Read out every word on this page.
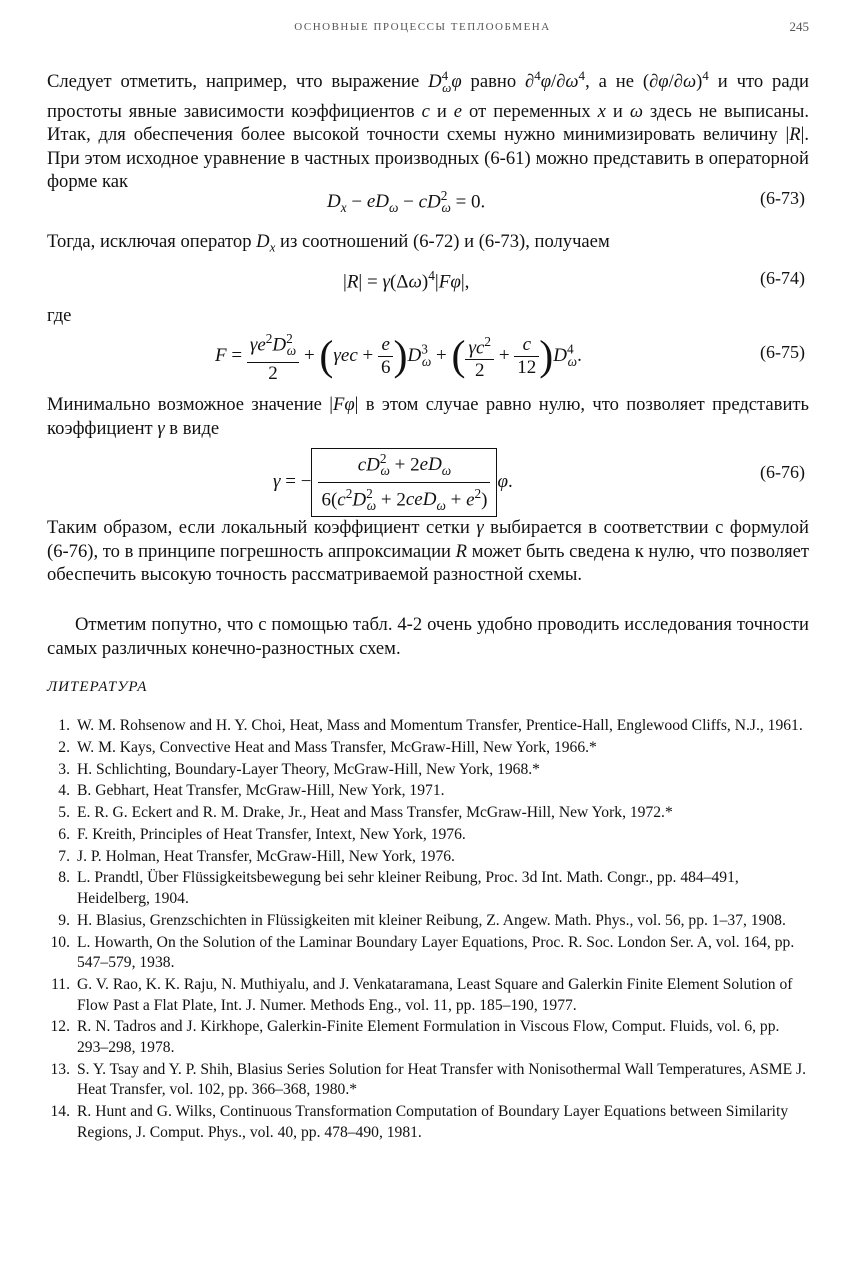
ОСНОВНЫЕ ПРОЦЕССЫ ТЕПЛООБМЕНА	245
Следует отметить, например, что выражение $D^4_\omega\varphi$ равно $\partial^4\varphi/\partial\omega^4$, а не $(\partial\varphi/\partial\omega)^4$ и что ради простоты явные зависимости коэффициентов c и e от переменных x и ω здесь не выписаны. Итак, для обеспечения более высокой точности схемы нужно минимизировать величину |R|. При этом исходное уравнение в частных производных (6-61) можно представить в операторной форме как
$D_x - eD_\omega - cD^2_\omega = 0$.	(6-73)
Тогда, исключая оператор $D_x$ из соотношений (6-72) и (6-73), получаем
$|R| = \gamma(\Delta\omega)^4|F\varphi|$,	(6-74)
где
$F = \frac{\gamma e^2D^2_\omega}{2} + (\gamma ec + \frac{e}{6} )D^3_\omega$ + ( $\frac{\gamma c^2}{2} + \frac{c}{12} )D^4_\omega$.	(6-75)
Минимально возможное значение |Fφ| в этом случае равно нулю, что позволяет представить коэффициент γ в виде
γ = − $\frac{cD^2_\omega + 2eD_\omega}{6(c^2D^2_\omega + 2ceD_\omega + e^2)} \varphi$.	(6-76)
Таким образом, если локальный коэффициент сетки γ выбирается в соответствии с формулой (6-76), то в принципе погрешность аппроксимации R может быть сведена к нулю, что позволяет обеспечить высокую точность рассматриваемой разностной схемы.
Отметим попутно, что с помощью табл. 4-2 очень удобно проводить исследования точности самых различных конечно-разностных схем.
ЛИТЕРАТУРА
1. W. M. Rohsenow and H. Y. Choi, Heat, Mass and Momentum Transfer, Prentice-Hall, Englewood Cliffs, N.J., 1961.
2. W. M. Kays, Convective Heat and Mass Transfer, McGraw-Hill, New York, 1966.*
3. H. Schlichting, Boundary-Layer Theory, McGraw-Hill, New York, 1968.*
4. B. Gebhart, Heat Transfer, McGraw-Hill, New York, 1971.
5. E. R. G. Eckert and R. M. Drake, Jr., Heat and Mass Transfer, McGraw-Hill, New York, 1972.*
6. F. Kreith, Principles of Heat Transfer, Intext, New York, 1976.
7. J. P. Holman, Heat Transfer, McGraw-Hill, New York, 1976.
8. L. Prandtl, Über Flüssigkeitsbewegung bei sehr kleiner Reibung, Proc. 3d Int. Math. Congr., pp. 484–491, Heidelberg, 1904.
9. H. Blasius, Grenzschichten in Flüssigkeiten mit kleiner Reibung, Z. Angew. Math. Phys., vol. 56, pp. 1–37, 1908.
10. L. Howarth, On the Solution of the Laminar Boundary Layer Equations, Proc. R. Soc. London Ser. A, vol. 164, pp. 547–579, 1938.
11. G. V. Rao, K. K. Raju, N. Muthiyalu, and J. Venkataramana, Least Square and Galerkin Finite Element Solution of Flow Past a Flat Plate, Int. J. Numer. Methods Eng., vol. 11, pp. 185–190, 1977.
12. R. N. Tadros and J. Kirkhope, Galerkin-Finite Element Formulation in Viscous Flow, Comput. Fluids, vol. 6, pp. 293–298, 1978.
13. S. Y. Tsay and Y. P. Shih, Blasius Series Solution for Heat Transfer with Nonisothermal Wall Temperatures, ASME J. Heat Transfer, vol. 102, pp. 366–368, 1980.*
14. R. Hunt and G. Wilks, Continuous Transformation Computation of Boundary Layer Equations between Similarity Regions, J. Comput. Phys., vol. 40, pp. 478–490, 1981.
